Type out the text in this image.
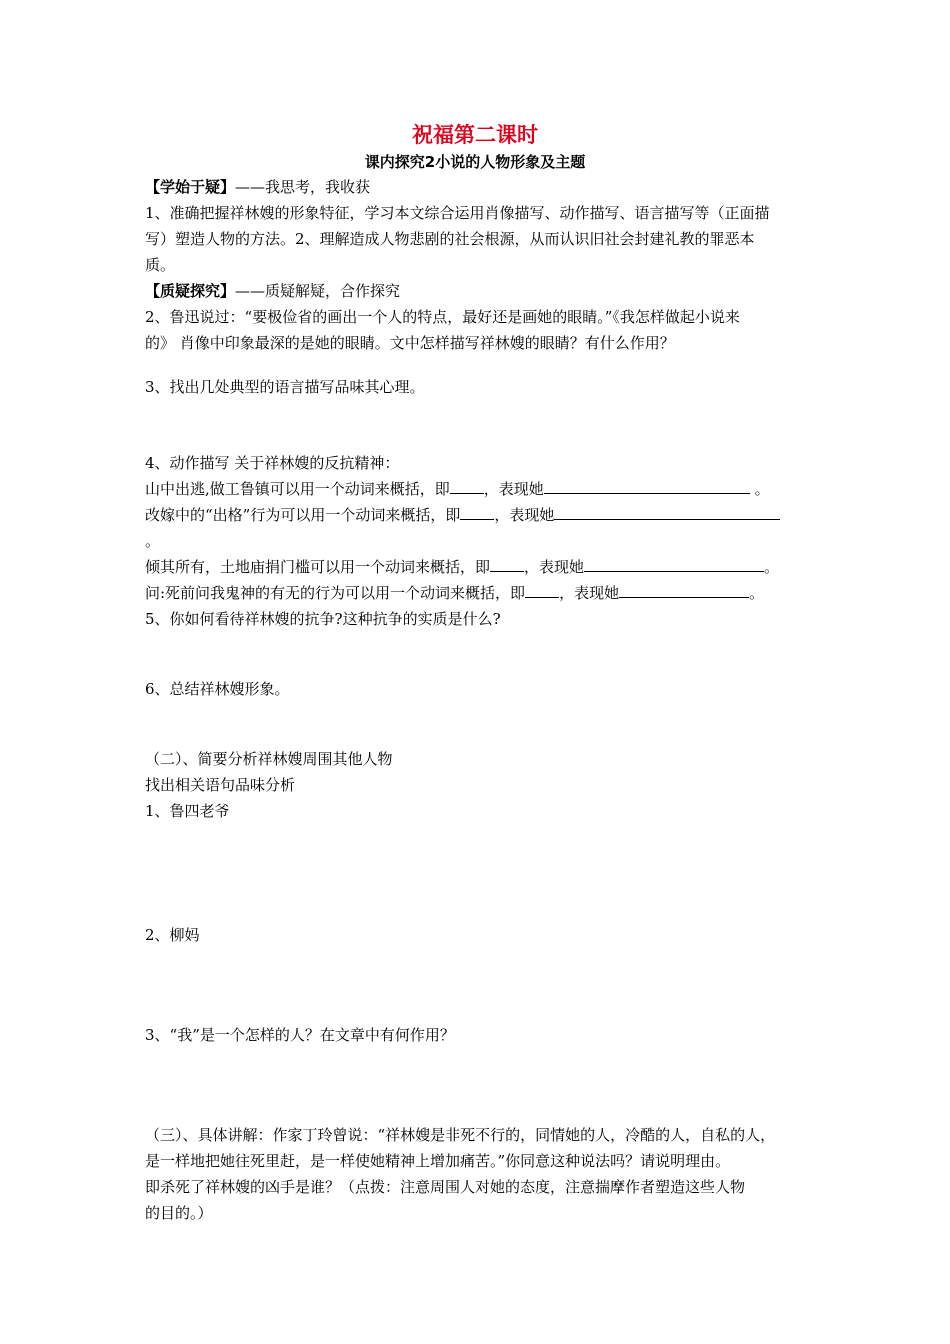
祝福第二课时
课内探究2小说的人物形象及主题
【学始于疑】——我思考，我收获
1、准确把握祥林嫂的形象特征，学习本文综合运用肖像描写、动作描写、语言描写等（正面描
写）塑造人物的方法。2、理解造成人物悲剧的社会根源，从而认识旧社会封建礼教的罪恶本
质。
【质疑探究】——质疑解疑，合作探究
2、鲁迅说过：“要极俭省的画出一个人的特点，最好还是画她的眼睛。”《我怎样做起小说来
的》 肖像中印象最深的是她的眼睛。文中怎样描写祥林嫂的眼睛？有什么作用？
3、找出几处典型的语言描写品味其心理。
4、动作描写 关于祥林嫂的反抗精神：
山中出逃,做工鲁镇可以用一个动词来概括，即 ，表现她	。
改嫁中的“出格”行为可以用一个动词来概括，即 ，表现她
。
倾其所有，土地庙捐门槛可以用一个动词来概括，即 ，表现她	。
问:死前问我鬼神的有无的行为可以用一个动词来概括，即 ，表现她	。
5、你如何看待祥林嫂的抗争?这种抗争的实质是什么?
6、总结祥林嫂形象。
（二）、简要分析祥林嫂周围其他人物
找出相关语句品味分析
1、鲁四老爷
2、柳妈
3、“我”是一个怎样的人？在文章中有何作用？
（三）、具体讲解：作家丁玲曾说：“祥林嫂是非死不行的，同情她的人，冷酷的人，自私的人，
是一样地把她往死里赶，是一样使她精神上增加痛苦。”你同意这种说法吗？请说明理由。
即杀死了祥林嫂的凶手是谁？（点拨：注意周围人对她的态度，注意揣摩作者塑造这些人物
的目的。）
